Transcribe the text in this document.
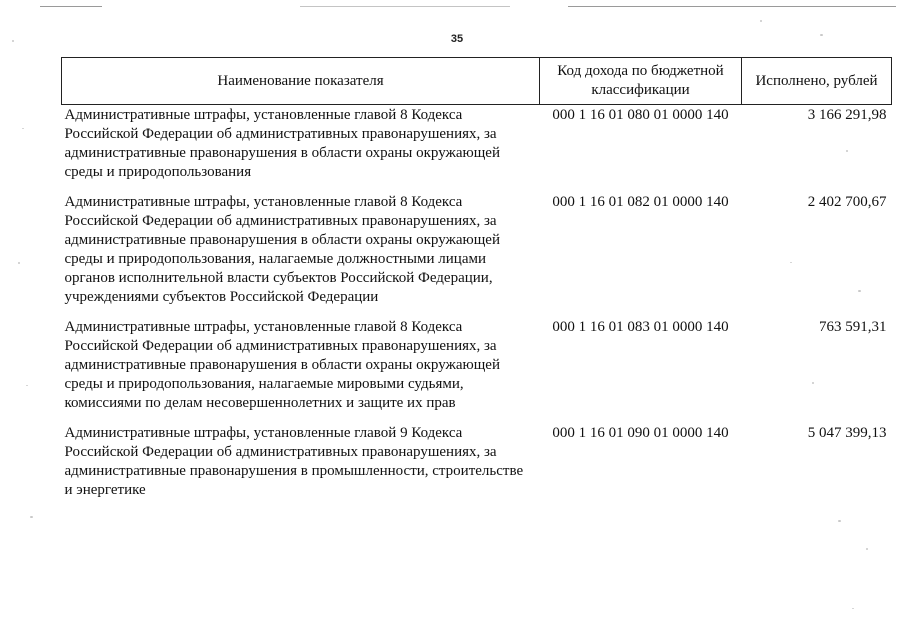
35
Наименование показателя	Код дохода по бюджетной классификации	Исполнено, рублей
Административные штрафы, установленные главой 8 Кодекса Российской Федерации об административных правонарушениях, за административные правонарушения в области охраны окружающей среды и природопользования	000 1 16 01 080 01 0000 140	3 166 291,98
Административные штрафы, установленные главой 8 Кодекса Российской Федерации об административных правонарушениях, за административные правонарушения в области охраны окружающей среды и природопользования, налагаемые должностными лицами органов исполнительной власти субъектов Российской Федерации, учреждениями субъектов Российской Федерации	000 1 16 01 082 01 0000 140	2 402 700,67
Административные штрафы, установленные главой 8 Кодекса Российской Федерации об административных правонарушениях, за административные правонарушения в области охраны окружающей среды и природопользования, налагаемые мировыми судьями, комиссиями по делам несовершеннолетних и защите их прав	000 1 16 01 083 01 0000 140	763 591,31
Административные штрафы, установленные главой 9 Кодекса Российской Федерации об административных правонарушениях, за административные правонарушения в промышленности, строительстве и энергетике	000 1 16 01 090 01 0000 140	5 047 399,13
